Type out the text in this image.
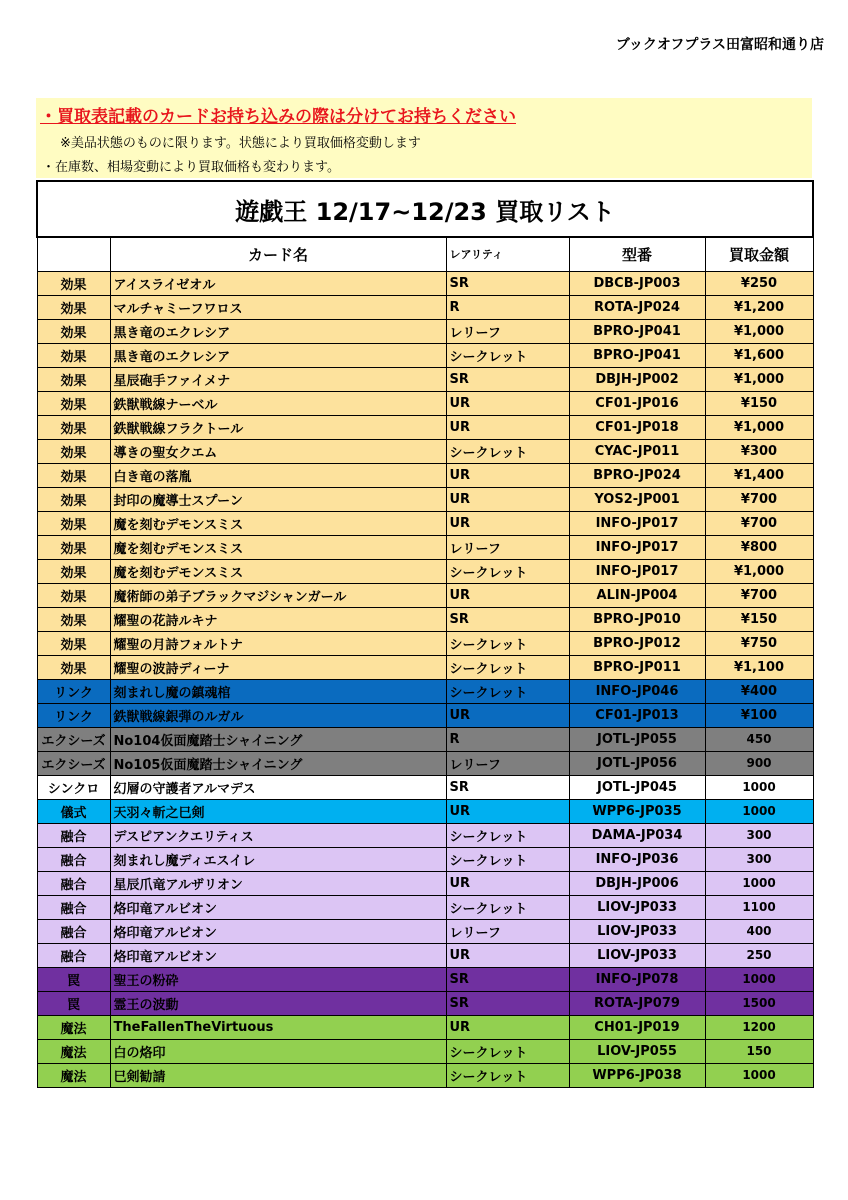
ブックオフプラス田富昭和通り店
・買取表記載のカードお持ち込みの際は分けてお持ちください
※美品状態のものに限ります。状態により買取価格変動します
・在庫数、相場変動により買取価格も変わります。
遊戯王 12/17~12/23 買取リスト				
	カード名	レアリティ	型番	買取金額
効果	アイスライゼオル	SR	DBCB-JP003	¥250
効果	マルチャミーフワロス	R	ROTA-JP024	¥1,200
効果	黒き竜のエクレシア	レリーフ	BPRO-JP041	¥1,000
効果	黒き竜のエクレシア	シークレット	BPRO-JP041	¥1,600
効果	星辰砲手ファイメナ	SR	DBJH-JP002	¥1,000
効果	鉄獣戦線ナーベル	UR	CF01-JP016	¥150
効果	鉄獣戦線フラクトール	UR	CF01-JP018	¥1,000
効果	導きの聖女クエム	シークレット	CYAC-JP011	¥300
効果	白き竜の落胤	UR	BPRO-JP024	¥1,400
効果	封印の魔導士スプーン	UR	YOS2-JP001	¥700
効果	魔を刻むデモンスミス	UR	INFO-JP017	¥700
効果	魔を刻むデモンスミス	レリーフ	INFO-JP017	¥800
効果	魔を刻むデモンスミス	シークレット	INFO-JP017	¥1,000
効果	魔術師の弟子ブラックマジシャンガール	UR	ALIN-JP004	¥700
効果	耀聖の花詩ルキナ	SR	BPRO-JP010	¥150
効果	耀聖の月詩フォルトナ	シークレット	BPRO-JP012	¥750
効果	耀聖の波詩ディーナ	シークレット	BPRO-JP011	¥1,100
リンク	刻まれし魔の鎮魂棺	シークレット	INFO-JP046	¥400
リンク	鉄獣戦線銀弾のルガル	UR	CF01-JP013	¥100
エクシーズ	No104仮面魔踏士シャイニング	R	JOTL-JP055	450
エクシーズ	No105仮面魔踏士シャイニング	レリーフ	JOTL-JP056	900
シンクロ	幻層の守護者アルマデス	SR	JOTL-JP045	1000
儀式	天羽々斬之巳剣	UR	WPP6-JP035	1000
融合	デスピアンクエリティス	シークレット	DAMA-JP034	300
融合	刻まれし魔ディエスイレ	シークレット	INFO-JP036	300
融合	星辰爪竜アルザリオン	UR	DBJH-JP006	1000
融合	烙印竜アルビオン	シークレット	LIOV-JP033	1100
融合	烙印竜アルビオン	レリーフ	LIOV-JP033	400
融合	烙印竜アルビオン	UR	LIOV-JP033	250
罠	聖王の粉砕	SR	INFO-JP078	1000
罠	霊王の波動	SR	ROTA-JP079	1500
魔法	TheFallenTheVirtuous	UR	CH01-JP019	1200
魔法	白の烙印	シークレット	LIOV-JP055	150
魔法	巳剣勧請	シークレット	WPP6-JP038	1000
